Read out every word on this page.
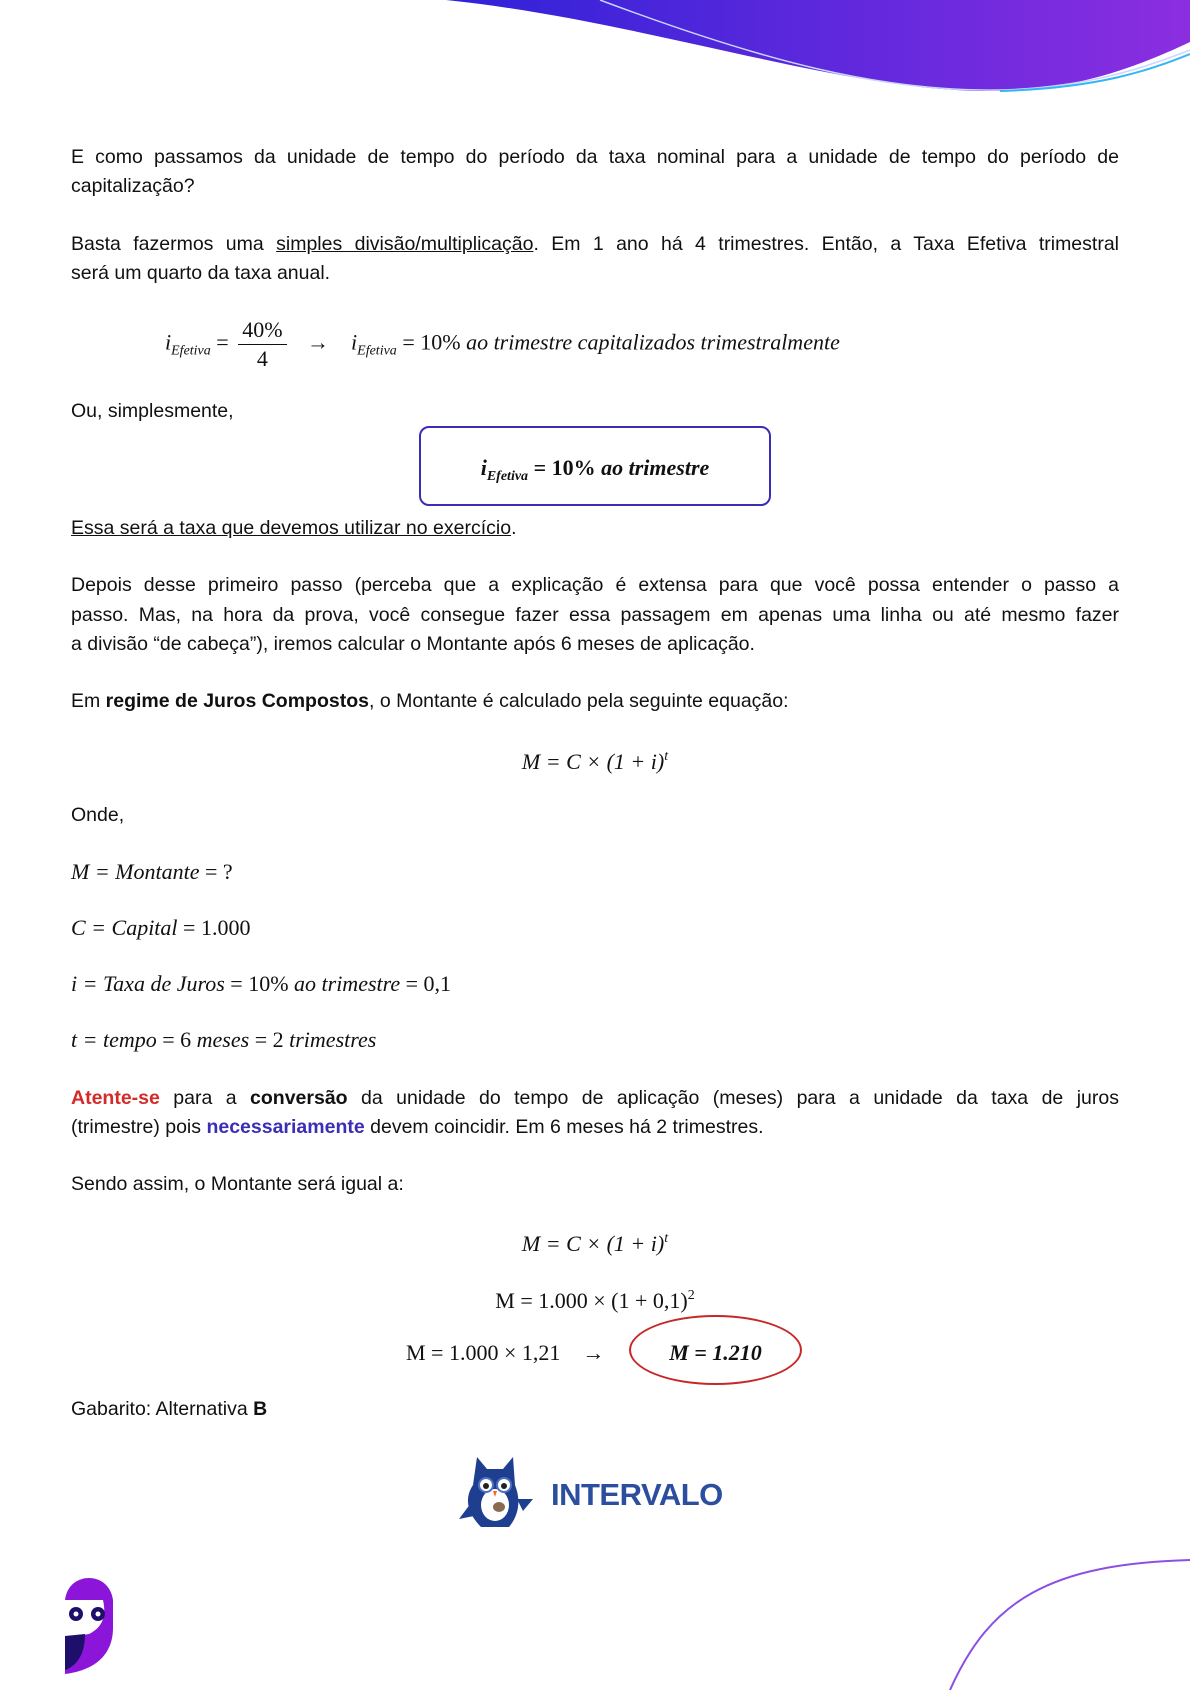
E como passamos da unidade de tempo do período da taxa nominal para a unidade de tempo do período de
capitalização?
Basta fazermos uma simples divisão/multiplicação. Em 1 ano há 4 trimestres. Então, a Taxa Efetiva trimestral
será um quarto da taxa anual.
$i_{Efetiva} = \frac{40\%}{4} \to i_{Efetiva} = 10\%$ ao trimestre capitalizados trimestralmente
Ou, simplesmente,
$i_{Efetiva} = 10\%$ ao trimestre
Essa será a taxa que devemos utilizar no exercício.
Depois desse primeiro passo (perceba que a explicação é extensa para que você possa entender o passo a
passo. Mas, na hora da prova, você consegue fazer essa passagem em apenas uma linha ou até mesmo fazer
a divisão “de cabeça”), iremos calcular o Montante após 6 meses de aplicação.
Em regime de Juros Compostos, o Montante é calculado pela seguinte equação:
$M = C \times (1 + i)^t$
Onde,
M = Montante = ?
C = Capital = 1.000
i = Taxa de Juros = 10% ao trimestre = 0,1
t = tempo = 6 meses = 2 trimestres
Atente-se para a conversão da unidade do tempo de aplicação (meses) para a unidade da taxa de juros
(trimestre) pois necessariamente devem coincidir. Em 6 meses há 2 trimestres.
Sendo assim, o Montante será igual a:
$M = C \times (1 + i)^t$
$M = 1.000 \times (1 + 0,1)^2$
M = 1.000 × 1,21 →	M = 1.210
Gabarito: Alternativa B
INTERVALO
